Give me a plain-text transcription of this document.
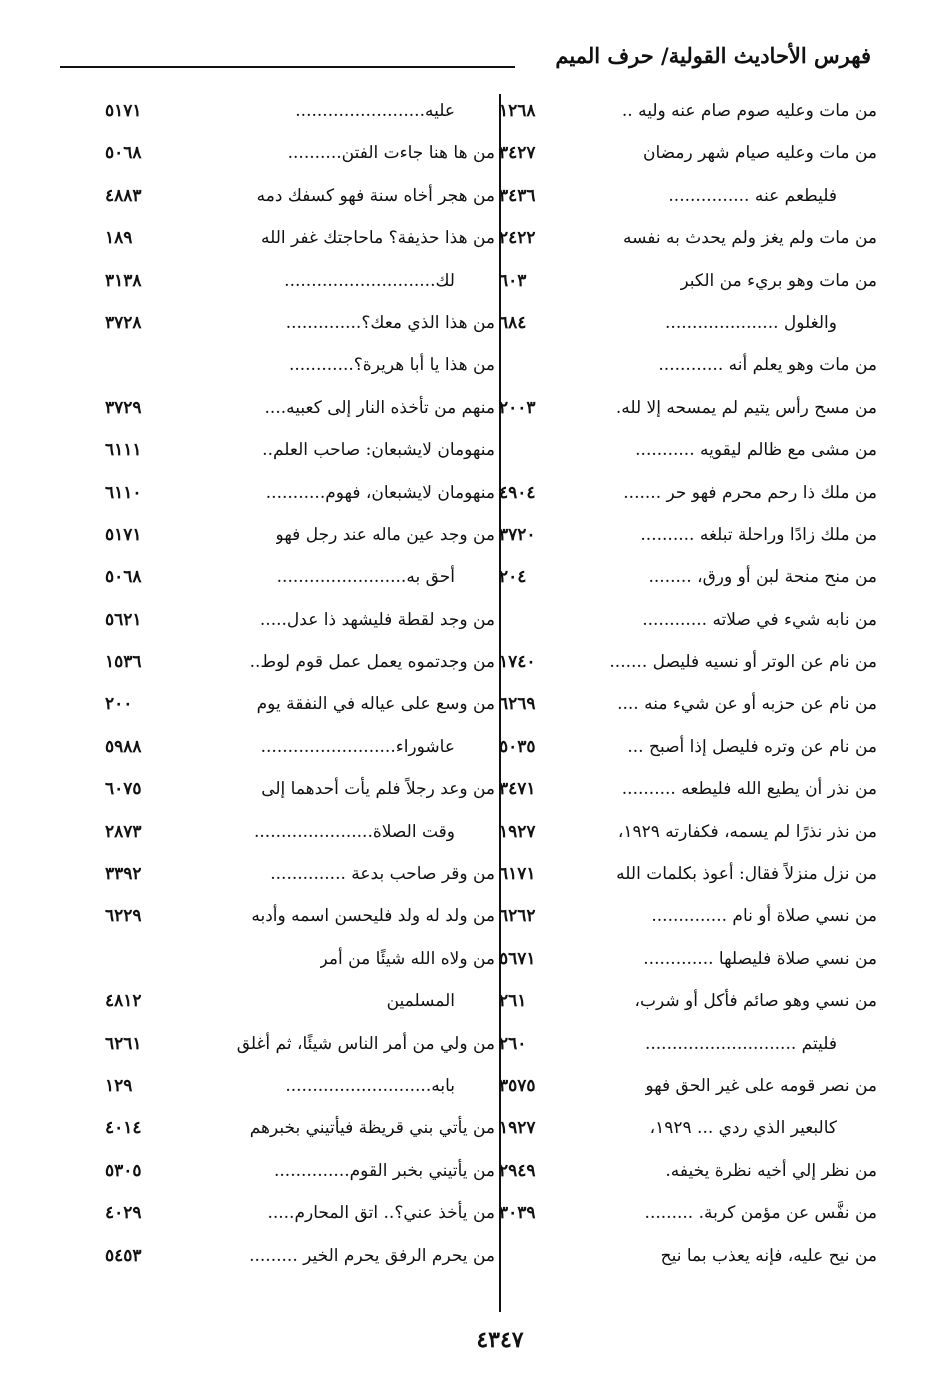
فهرس الأحاديث القولية/ حرف الميم
من مات وعليه صوم صام عنه وليه ..
١٢٦٨
من مات وعليه صيام شهر رمضان
٣٤٢٧
فليطعم عنه ...............
٣٤٣٦
من مات ولم يغز ولم يحدث به نفسه
٢٤٢٢
من مات وهو بريء من الكبر
٦٠٣
والغلول .....................
٦٨٤
من مات وهو يعلم أنه ............
من مسح رأس يتيم لم يمسحه إلا لله.
٢٠٠٣
من مشى مع ظالم ليقويه ...........
من ملك ذا رحم محرم فهو حر .......
٤٩٠٤
من ملك زادًا وراحلة تبلغه ..........
٣٧٢٠
من منح منحة لبن أو ورق، ........
٢٠٤
من نابه شيء في صلاته ............
من نام عن الوتر أو نسيه فليصل .......
١٧٤٠
من نام عن حزبه أو عن شيء منه ....
٦٢٦٩
من نام عن وتره فليصل إذا أصبح ...
٥٠٣٥
من نذر أن يطيع الله فليطعه ..........
٣٤٧١
من نذر نذرًا لم يسمه، فكفارته ١٩٢٩،
١٩٢٧
من نزل منزلاً فقال: أعوذ بكلمات الله
٦١٧١
من نسي صلاة أو نام ..............
٦٢٦٢
من نسي صلاة فليصلها .............
٥٦٧١
من نسي وهو صائم فأكل أو شرب،
٢٦١
فليتم ............................
٢٦٠
من نصر قومه على غير الحق فهو
٣٥٧٥
كالبعير الذي ردي ... ١٩٢٩،
١٩٢٧
من نظر إلي أخيه نظرة يخيفه.
٢٩٤٩
من نفَّس عن مؤمن كربة. .........
٣٠٣٩
من نيح عليه، فإنه يعذب بما نيح
عليه........................
٥١٧١
من ها هنا جاءت الفتن..........
٥٠٦٨
من هجر أخاه سنة فهو كسفك دمه
٤٨٨٣
من هذا حذيفة؟ ماحاجتك غفر الله
١٨٩
لك............................
٣١٣٨
من هذا الذي معك؟..............
٣٧٢٨
من هذا يا أبا هريرة؟............
منهم من تأخذه النار إلى كعبيه....
٣٧٢٩
منهومان لايشبعان: صاحب العلم..
٦١١١
منهومان لايشبعان، فهوم...........
٦١١٠
من وجد عين ماله عند رجل فهو
٥١٧١
أحق به........................
٥٠٦٨
من وجد لقطة فليشهد ذا عدل.....
٥٦٢١
من وجدتموه يعمل عمل قوم لوط..
١٥٣٦
من وسع على عياله في النفقة يوم
٢٠٠
عاشوراء.........................
٥٩٨٨
من وعد رجلاً فلم يأت أحدهما إلى
٦٠٧٥
وقت الصلاة......................
٢٨٧٣
من وقر صاحب بدعة ..............
٣٣٩٢
من ولد له ولد فليحسن اسمه وأدبه
٦٢٢٩
من ولاه الله شيئًا من أمر
المسلمين
٤٨١٢
من ولي من أمر الناس شيئًا، ثم أغلق
٦٢٦١
بابه...........................
١٢٩
من يأتي بني قريظة فيأتيني بخبرهم
٤٠١٤
من يأتيني بخبر القوم..............
٥٣٠٥
من يأخذ عني؟.. اتق المحارم.....
٤٠٢٩
من يحرم الرفق يحرم الخير .........
٥٤٥٣
٤٣٤٧
